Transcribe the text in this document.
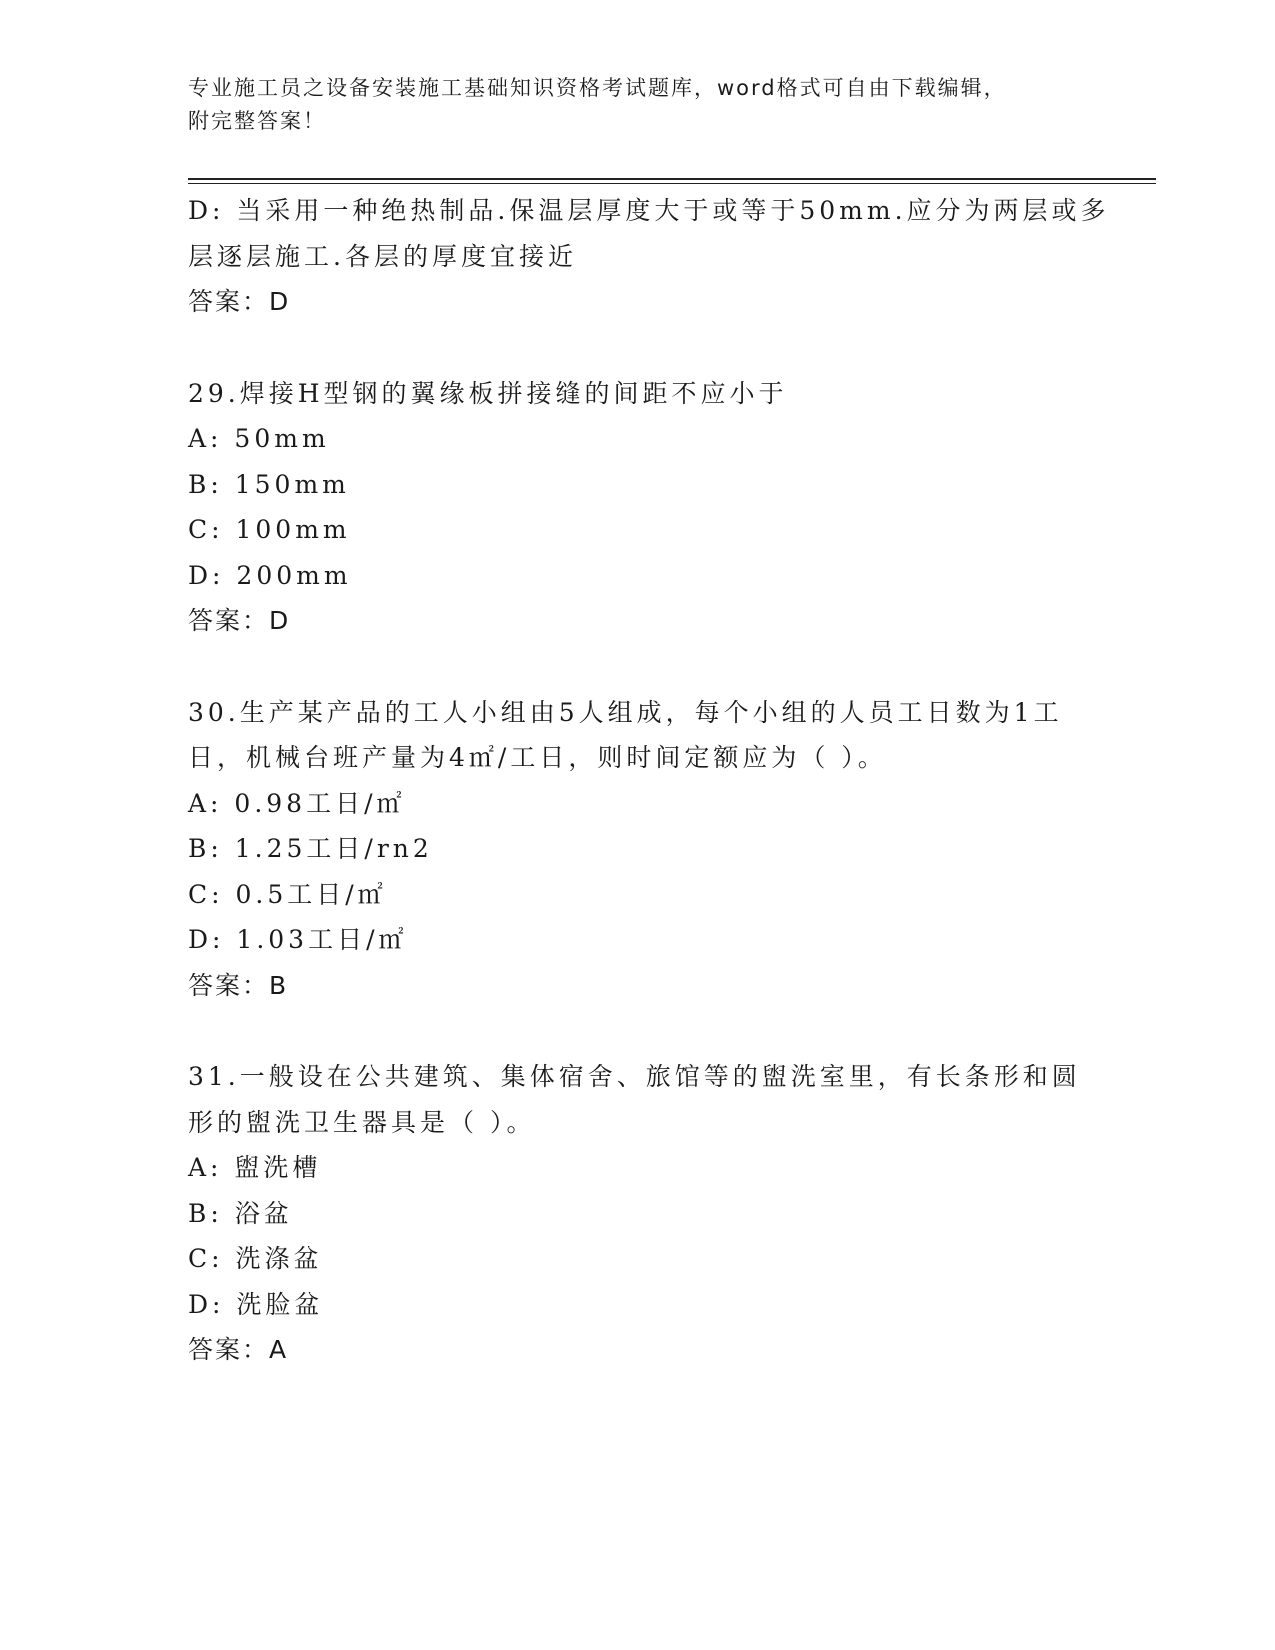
专业施工员之设备安装施工基础知识资格考试题库，word格式可自由下载编辑，
附完整答案！
D: 当采用一种绝热制品.保温层厚度大于或等于50mm.应分为两层或多
层逐层施工.各层的厚度宜接近
答案：D
29.焊接H型钢的翼缘板拼接缝的间距不应小于
A: 50mm
B: 150mm
C: 100mm
D: 200mm
答案：D
30.生产某产品的工人小组由5人组成，每个小组的人员工日数为1工
日，机械台班产量为4㎡/工日，则时间定额应为（ ）。
A: 0.98工日/㎡
B: 1.25工日/rn2
C: 0.5工日/㎡
D: 1.03工日/㎡
答案：B
31.一般设在公共建筑、集体宿舍、旅馆等的盥洗室里，有长条形和圆
形的盥洗卫生器具是（ ）。
A: 盥洗槽
B: 浴盆
C: 洗涤盆
D: 洗脸盆
答案：A
